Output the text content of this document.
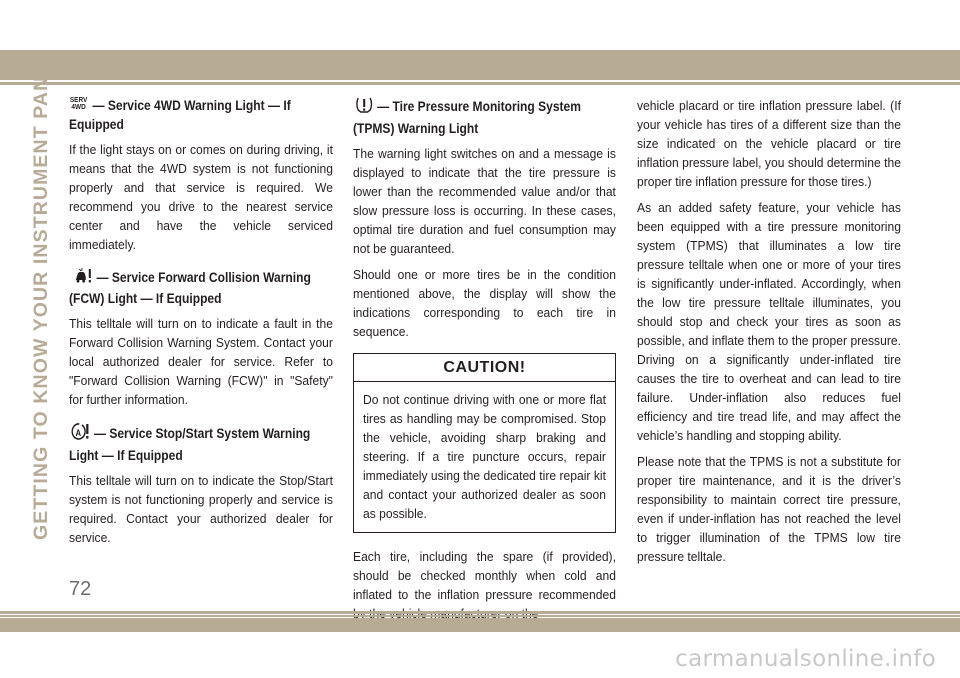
GETTING TO KNOW YOUR INSTRUMENT PANEL SERV
4WD — Service 4WD Warning Light — If Equipped
If the light stays on or comes on during driving, it means that the 4WD system is not functioning properly and that service is required. We recommend you drive to the nearest service center and have the vehicle serviced immediately.
— Service Forward Collision Warning (FCW) Light — If Equipped
This telltale will turn on to indicate a fault in the Forward Collision Warning System. Contact your local authorized dealer for service. Refer to "Forward Collision Warning (FCW)" in "Safety" for further information.
A — Service Stop/Start System Warning Light — If Equipped
This telltale will turn on to indicate the Stop/Start system is not functioning properly and service is required. Contact your authorized dealer for service.
— Tire Pressure Monitoring System (TPMS) Warning Light
The warning light switches on and a message is displayed to indicate that the tire pressure is lower than the recommended value and/or that slow pressure loss is occurring. In these cases, optimal tire duration and fuel consumption may not be guaranteed.
Should one or more tires be in the condition mentioned above, the display will show the indications corresponding to each tire in sequence.
CAUTION!
Do not continue driving with one or more flat tires as handling may be compromised. Stop the vehicle, avoiding sharp braking and steering. If a tire puncture occurs, repair immediately using the dedicated tire repair kit and contact your authorized dealer as soon as possible.
Each tire, including the spare (if provided), should be checked monthly when cold and inflated to the inflation pressure recommended
vehicle placard or tire inflation pressure label. (If your vehicle has tires of a different size than the size indicated on the vehicle placard or tire inflation pressure label, you should determine the proper tire inflation pressure for those tires.)
As an added safety feature, your vehicle has been equipped with a tire pressure monitoring system (TPMS) that illuminates a low tire pressure telltale when one or more of your tires is significantly under-inflated. Accordingly, when the low tire pressure telltale illuminates, you should stop and check your tires as soon as possible, and inflate them to the proper pressure. Driving on a significantly under-inflated tire causes the tire to overheat and can lead to tire failure. Under-inflation also reduces fuel efficiency and tire tread life, and may affect the vehicle’s handling and stopping ability.
Please note that the TPMS is not a substitute for proper tire maintenance, and it is the driver’s responsibility to maintain correct tire pressure, even if under-inflation has not reached the level to trigger illumination of the TPMS low tire pressure telltale.
72
carmanualsonline.info
